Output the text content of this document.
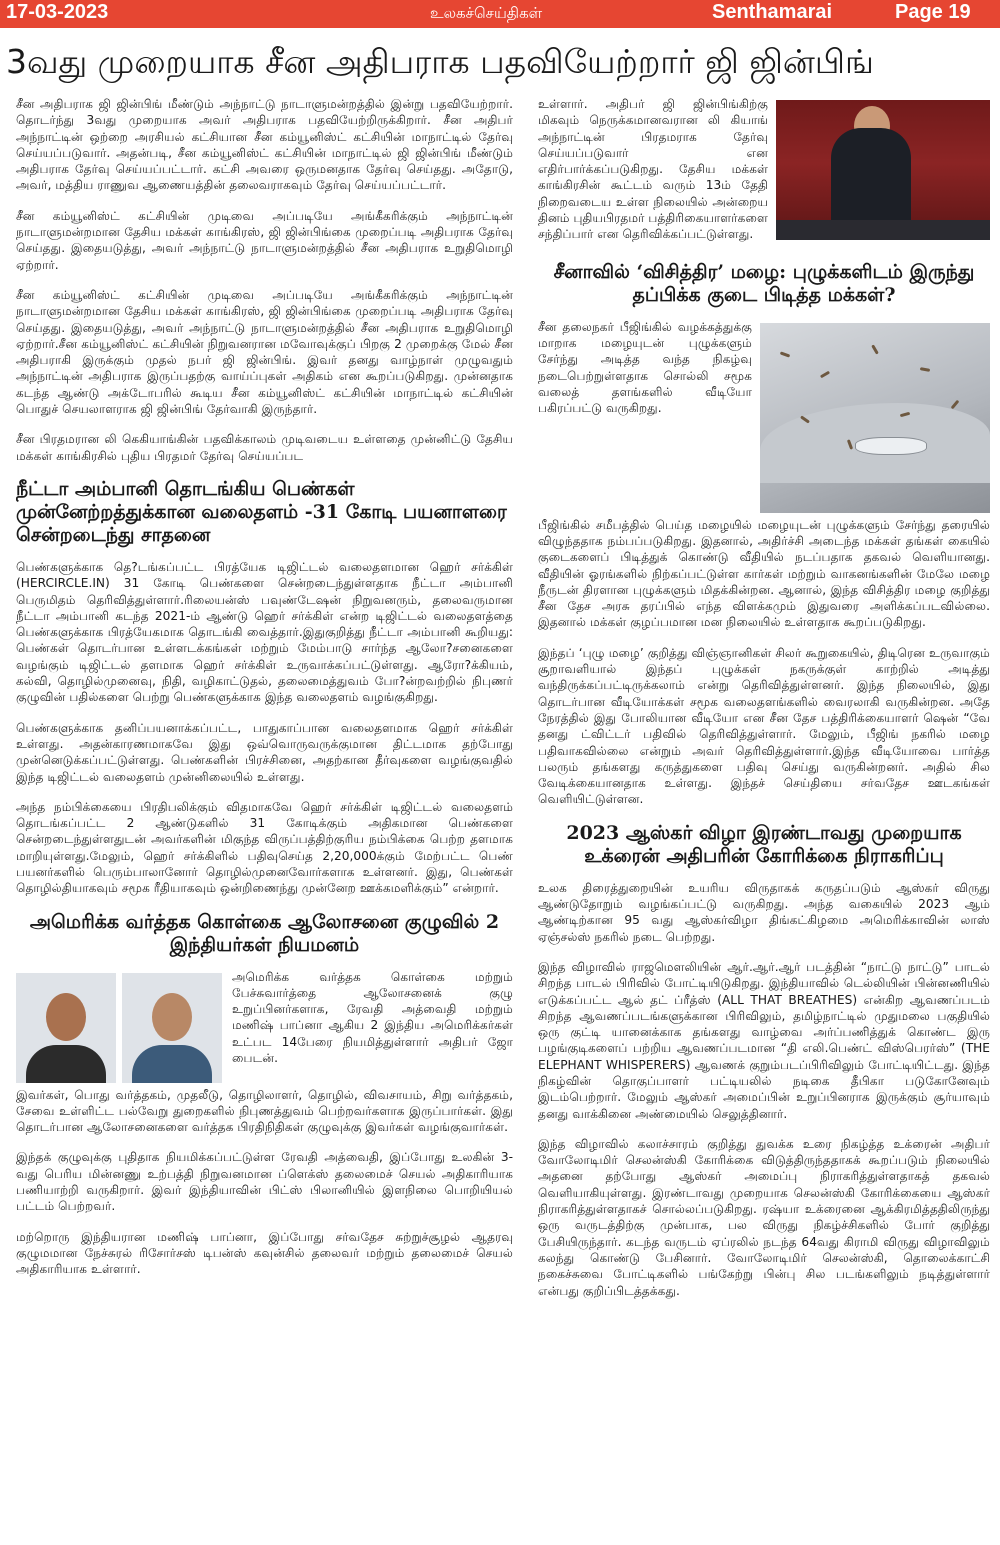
17-03-2023	உலகச்செய்திகள்	Senthamarai	Page 19
3வது முறையாக சீன அதிபராக பதவியேற்றார் ஜி ஜின்பிங்

சீன அதிபராக ஜி ஜின்பிங் மீண்டும் அந்நாட்டு நாடாளுமன்றத்தில் இன்று பதவியேற்றார். தொடர்ந்து 3வது முறையாக அவர் அதிபராக பதவியேற்றிருக்கிறார். சீன அதிபர் அந்நாட்டின் ஒற்றை அரசியல் கட்சியான சீன கம்யூனிஸ்ட் கட்சியின் மாநாட்டில் தேர்வு செய்யப்படுவார். அதன்படி, சீன கம்யூனிஸ்ட் கட்சியின் மாநாட்டில் ஜி ஜின்பிங் மீண்டும் அதிபராக தேர்வு செய்யப்பட்டார். கட்சி அவரை ஒருமனதாக தேர்வு செய்தது. அதோடு, அவர், மத்திய ராணுவ ஆணையத்தின் தலைவராகவும் தேர்வு செய்யப்பட்டார்.

சீன கம்யூனிஸ்ட் கட்சியின் முடிவை அப்படியே அங்கீகரிக்கும் அந்நாட்டின் நாடாளுமன்றமான தேசிய மக்கள் காங்கிரஸ், ஜி ஜின்பிங்கை முறைப்படி அதிபராக தேர்வு செய்தது. இதையடுத்து, அவர் அந்நாட்டு நாடாளுமன்றத்தில் சீன அதிபராக உறுதிமொழி ஏற்றார்.

சீன கம்யூனிஸ்ட் கட்சியின் முடிவை அப்படியே அங்கீகரிக்கும் அந்நாட்டின் நாடாளுமன்றமான தேசிய மக்கள் காங்கிரஸ், ஜி ஜின்பிங்கை முறைப்படி அதிபராக தேர்வு செய்தது. இதையடுத்து, அவர் அந்நாட்டு நாடாளுமன்றத்தில் சீன அதிபராக உறுதிமொழி ஏற்றார்.சீன கம்யூனிஸ்ட் கட்சியின் நிறுவனரான மவோவுக்குப் பிறகு 2 முறைக்கு மேல் சீன அதிபராகி இருக்கும் முதல் நபர் ஜி ஜின்பிங். இவர் தனது வாழ்நாள் முழுவதும் அந்நாட்டின் அதிபராக இருப்பதற்கு வாய்ப்புகள் அதிகம் என கூறப்படுகிறது. முன்னதாக கடந்த ஆண்டு அக்டோபரில் கூடிய சீன கம்யூனிஸ்ட் கட்சியின் மாநாட்டில் கட்சியின் பொதுச் செயலாளராக ஜி ஜின்பிங் தேர்வாகி இருந்தார்.

சீன பிரதமரான லி கெகியாங்கின் பதவிக்காலம் முடிவடைய உள்ளதை முன்னிட்டு தேசிய மக்கள் காங்கிரசில் புதிய பிரதமர் தேர்வு செய்யப்பட

நீட்டா அம்பானி தொடங்கிய பெண்கள் முன்னேற்றத்துக்கான வலைதளம் -31 கோடி பயனாளரை சென்றடைந்து சாதனை

பெண்களுக்காக தெ?டங்கப்பட்ட பிரத்யேக டிஜிட்டல் வலைதளமான ஹெர் சர்க்கிள் (HERCIRCLE.IN) 31 கோடி பெண்களை சென்றடைந்துள்ளதாக நீட்டா அம்பானி பெருமிதம் தெரிவித்துள்ளார்.ரிலையன்ஸ் பவுண்டேஷன் நிறுவனரும், தலைவருமான நீட்டா அம்பானி கடந்த 2021-ம் ஆண்டு ஹெர் சர்க்கிள் என்ற டிஜிட்டல் வலைதளத்தை பெண்களுக்காக பிரத்யேகமாக தொடங்கி வைத்தார்.இதுகுறித்து நீட்டா அம்பானி கூறியது: பெண்கள் தொடர்பான உள்ளடக்கங்கள் மற்றும் மேம்பாடு சார்ந்த ஆலோ?சனைகளை வழங்கும் டிஜிட்டல் தளமாக ஹெர் சர்க்கிள் உருவாக்கப்பட்டுள்ளது. ஆரோ?க்கியம், கல்வி, தொழில்முனைவு, நிதி, வழிகாட்டுதல், தலைமைத்துவம் போ?ன்றவற்றில் நிபுணர் குழுவின் பதில்களை பெற்று பெண்களுக்காக இந்த வலைதளம் வழங்குகிறது.

பெண்களுக்காக தனிப்பயனாக்கப்பட்ட, பாதுகாப்பான வலைதளமாக ஹெர் சர்க்கிள் உள்ளது. அதன்காரணமாகவே இது ஒவ்வொருவருக்குமான திட்டமாக தற்போது முன்னெடுக்கப்பட்டுள்ளது. பெண்களின் பிரச்சினை, அதற்கான தீர்வுகளை வழங்குவதில் இந்த டிஜிட்டல் வலைதளம் முன்னிலையில் உள்ளது.

அந்த நம்பிக்கையை பிரதிபலிக்கும் விதமாகவே ஹெர் சர்க்கிள் டிஜிட்டல் வலைதளம் தொடங்கப்பட்ட 2 ஆண்டுகளில் 31 கோடிக்கும் அதிகமான பெண்களை சென்றடைந்துள்ளதுடன் அவர்களின் மிகுந்த விருப்பத்திற்குரிய நம்பிக்கை பெற்ற தளமாக மாறியுள்ளது.மேலும், ஹெர் சர்க்கிளில் பதிவுசெய்த 2,20,000க்கும் மேற்பட்ட பெண் பயனர்களில் பெரும்பாலானோர் தொழில்முனைவோர்களாக உள்ளனர். இது, பெண்கள் தொழில்தியாகவும் சமூக ரீதியாகவும் ஒன்றிணைந்து முன்னேற ஊக்கமளிக்கும்” என்றார்.

அமெரிக்க வர்த்தக கொள்கை ஆலோசனை குழுவில் 2 இந்தியர்கள் நியமனம்

அமெரிக்க வர்த்தக கொள்கை மற்றும் பேச்சுவார்த்தை ஆலோசனைக் குழு உறுப்பினர்களாக, ரேவதி அத்வைதி மற்றும் மணிஷ் பாப்னா ஆகிய 2 இந்திய அமெரிக்கர்கள் உட்பட 14பேரை நியமித்துள்ளார் அதிபர் ஜோ பைடன்.

இவர்கள், பொது வர்த்தகம், முதலீடு, தொழிலாளர், தொழில், விவசாயம், சிறு வர்த்தகம், சேவை உள்ளிட்ட பல்வேறு துறைகளில் நிபுணத்துவம் பெற்றவர்களாக இருப்பார்கள். இது தொடர்பான ஆலோசனைகளை வர்த்தக பிரதிநிதிகள் குழுவுக்கு இவர்கள் வழங்குவார்கள்.

இந்தக் குழுவுக்கு புதிதாக நியமிக்கப்பட்டுள்ள ரேவதி அத்வைதி, இப்போது உலகின் 3-வது பெரிய மின்னணு உற்பத்தி நிறுவனமான ப்ளெக்ஸ் தலைமைச் செயல் அதிகாரியாக பணியாற்றி வருகிறார். இவர் இந்தியாவின் பிட்ஸ் பிலானியில் இளநிலை பொறியியல் பட்டம் பெற்றவர்.

மற்றொரு இந்தியரான மணிஷ் பாப்னா, இப்போது சர்வதேச சுற்றுச்சூழல் ஆதரவு குழுமமான நேச்சுரல் ரிசோர்சஸ் டிபன்ஸ் கவுன்சில் தலைவர் மற்றும் தலைமைச் செயல் அதிகாரியாக உள்ளார்.

உள்ளார். அதிபர் ஜி ஜின்பிங்கிற்கு மிகவும் நெருக்கமானவரான லி கியாங் அந்நாட்டின் பிரதமராக தேர்வு செய்யப்படுவார் என எதிர்பார்க்கப்படுகிறது. தேசிய மக்கள் காங்கிரசின் கூட்டம் வரும் 13ம் தேதி நிறைவடைய உள்ள நிலையில் அன்றைய தினம் புதியபிரதமர் பத்திரிகையாளர்களை சந்திப்பார் என தெரிவிக்கப்பட்டுள்ளது.

சீனாவில் ‘விசித்திர’ மழை: புழுக்களிடம் இருந்து தப்பிக்க குடை பிடித்த மக்கள்?

சீன தலைநகர் பீஜிங்கில் வழக்கத்துக்கு மாறாக மழையுடன் புழுக்களும் சேர்ந்து அடித்த வந்த நிகழ்வு நடைபெற்றுள்ளதாக சொல்லி சமூக வலைத் தளங்களில் வீடியோ பகிரப்பட்டு வருகிறது.

பீஜிங்கில் சமீபத்தில் பெய்த மழையில் மழையுடன் புழுக்களும் சேர்ந்து தரையில் விழுந்ததாக நம்பப்படுகிறது. இதனால், அதிர்ச்சி அடைந்த மக்கள் தங்கள் கையில் குடைகளைப் பிடித்துக் கொண்டு வீதியில் நடப்பதாக தகவல் வெளியானது. வீதியின் ஓரங்களில் நிற்கப்பட்டுள்ள கார்கள் மற்றும் வாகனங்களின் மேலே மழை நீருடன் திரளான புழுக்களும் மிதக்கின்றன. ஆனால், இந்த விசித்திர மழை குறித்து சீன தேச அரசு தரப்பில் எந்த விளக்கமும் இதுவரை அளிக்கப்படவில்லை. இதனால் மக்கள் குழப்பமான மன நிலையில் உள்ளதாக கூறப்படுகிறது.

இந்தப் ‘புழு மழை’ குறித்து விஞ்ஞானிகள் சிலர் கூறுகையில், திடிரென உருவாகும் சூறாவளியால் இந்தப் புழுக்கள் நகருக்குள் காற்றில் அடித்து வந்திருக்கப்பட்டிருக்கலாம் என்று தெரிவித்துள்ளனர். இந்த நிலையில், இது தொடர்பான வீடியோக்கள் சமூக வலைதளங்களில் வைரலாகி வருகின்றன. அதே நேரத்தில் இது போலியான வீடியோ என சீன தேச பத்திரிக்கையாளர் ஷென் “வே தனது ட்விட்டர் பதிவில் தெரிவித்துள்ளார். மேலும், பீஜிங் நகரில் மழை பதிவாகவில்லை என்றும் அவர் தெரிவித்துள்ளார்.இந்த வீடியோவை பார்த்த பலரும் தங்களது கருத்துகளை பதிவு செய்து வருகின்றனர். அதில் சில வேடிக்கையானதாக உள்ளது. இந்தச் செய்தியை சர்வதேச ஊடகங்கள் வெளியிட்டுள்ளன.

2023 ஆஸ்கர் விழா இரண்டாவது முறையாக உக்ரைன் அதிபரின் கோரிக்கை நிராகரிப்பு

உலக திரைத்துறையின் உயரிய விருதாகக் கருதப்படும் ஆஸ்கர் விருது ஆண்டுதோறும் வழங்கப்பட்டு வருகிறது. அந்த வகையில் 2023 ஆம் ஆண்டிற்கான 95 வது ஆஸ்கர்விழா திங்கட்கிழமை அமெரிக்காவின் லாஸ் ஏஞ்சல்ஸ் நகரில் நடை பெற்றது.

இந்த விழாவில் ராஜமௌலியின் ஆர்.ஆர்.ஆர் படத்தின் “நாட்டு நாட்டு” பாடல் சிறந்த பாடல் பிரிவில் போட்டியிடுகிறது. இந்தியாவில் டெல்லியின் பின்னணியில் எடுக்கப்பட்ட ஆல் தட் ப்ரீத்ஸ் (ALL THAT BREATHES) என்கிற ஆவணப்படம் சிறந்த ஆவணப்படங்களுக்கான பிரிவிலும், தமிழ்நாட்டில் முதுமலை பகுதியில் ஒரு குட்டி யானைக்காக தங்களது வாழ்வை அர்ப்பணித்துக் கொண்ட இரு பழங்குடிகளைப் பற்றிய ஆவணப்படமான “தி எலி.பெண்ட் விஸ்பெரர்ஸ்” (THE ELEPHANT WHISPERERS) ஆவணக் குறும்படப்பிரிவிலும் போட்டியிட்டது. இந்த நிகழ்வின் தொகுப்பாளர் பட்டியலில் நடிகை தீபிகா படுகோனேவும் இடம்பெற்றார். மேலும் ஆஸ்கர் அமைப்பின் உறுப்பினராக இருக்கும் சூர்யாவும் தனது வாக்கினை அண்மையில் செலுத்தினார்.

இந்த விழாவில் கலாச்சாரம் குறித்து துவக்க உரை நிகழ்த்த உக்ரைன் அதிபர் வோலோடிமிர் செலன்ஸ்கி கோரிக்கை விடுத்திருந்ததாகக் கூறப்படும் நிலையில் அதனை தற்போது ஆஸ்கர் அமைப்பு நிராகரித்துள்ளதாகத் தகவல் வெளியாகியுள்ளது. இரண்டாவது முறையாக செலன்ஸ்கி கோரிக்கையை ஆஸ்கர் நிராகரித்துள்ளதாகச் சொல்லப்படுகிறது. ரஷ்யா உக்ரைனை ஆக்கிரமித்ததிலிருந்து ஒரு வருடத்திற்கு முன்பாக, பல விருது நிகழ்ச்சிகளில் போர் குறித்து பேசியிருந்தார். கடந்த வருடம் ஏப்ரலில் நடந்த 64வது கிராமி விருது விழாவிலும் கலந்து கொண்டு பேசினார். வோலோடிமிர் செலன்ஸ்கி, தொலைக்காட்சி நகைச்சுவை போட்டிகளில் பங்கேற்று பின்பு சில படங்களிலும் நடித்துள்ளார் என்பது குறிப்பிடத்தக்கது.
